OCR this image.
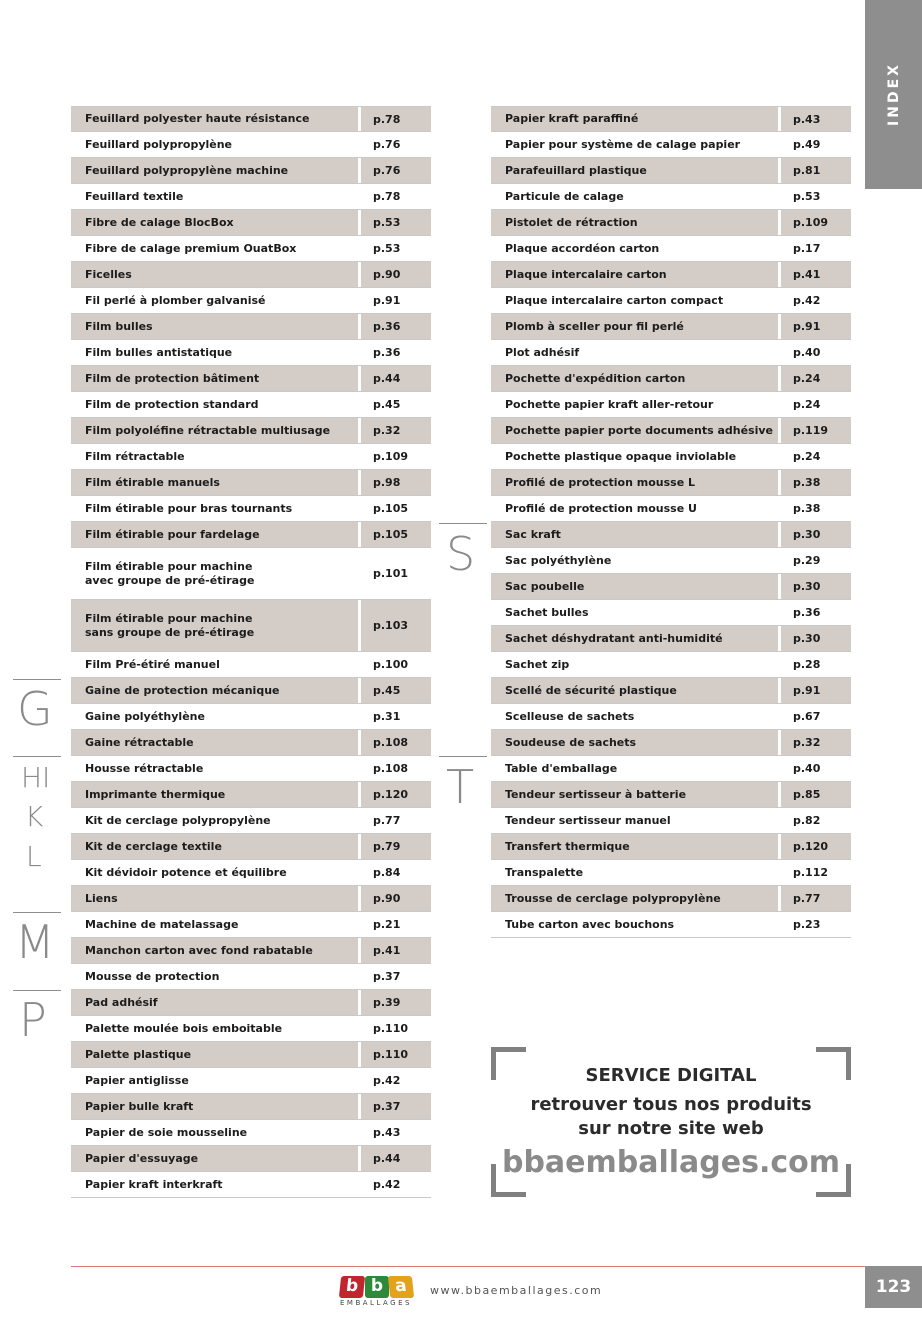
INDEX
Feuillard polyester haute résistance	p.78
Feuillard polypropylène	p.76
Feuillard polypropylène machine	p.76
Feuillard textile	p.78
Fibre de calage BlocBox	p.53
Fibre de calage premium OuatBox	p.53
Ficelles	p.90
Fil perlé à plomber galvanisé	p.91
Film bulles	p.36
Film bulles antistatique	p.36
Film de protection bâtiment	p.44
Film de protection standard	p.45
Film polyoléfine rétractable multiusage	p.32
Film rétractable	p.109
Film étirable manuels	p.98
Film étirable pour bras tournants	p.105
Film étirable pour fardelage	p.105
Film étirable pour machine
avec groupe de pré-étirage	p.101
Film étirable pour machine
sans groupe de pré-étirage	p.103
Film Pré-étiré manuel	p.100
Gaine de protection mécanique	p.45
Gaine polyéthylène	p.31
Gaine rétractable	p.108
Housse rétractable	p.108
Imprimante thermique	p.120
Kit de cerclage polypropylène	p.77
Kit de cerclage textile	p.79
Kit dévidoir potence et équilibre	p.84
Liens	p.90
Machine de matelassage	p.21
Manchon carton avec fond rabatable	p.41
Mousse de protection	p.37
Pad adhésif	p.39
Palette moulée bois emboitable	p.110
Palette plastique	p.110
Papier antiglisse	p.42
Papier bulle kraft	p.37
Papier de soie mousseline	p.43
Papier d'essuyage	p.44
Papier kraft interkraft	p.42
Papier kraft paraffiné	p.43
Papier pour système de calage papier	p.49
Parafeuillard plastique	p.81
Particule de calage	p.53
Pistolet de rétraction	p.109
Plaque accordéon carton	p.17
Plaque intercalaire carton	p.41
Plaque intercalaire carton compact	p.42
Plomb à sceller pour fil perlé	p.91
Plot adhésif	p.40
Pochette d'expédition carton	p.24
Pochette papier kraft aller-retour	p.24
Pochette papier porte documents adhésive	p.119
Pochette plastique opaque inviolable	p.24
Profilé de protection mousse L	p.38
Profilé de protection mousse U	p.38
Sac kraft	p.30
Sac polyéthylène	p.29
Sac poubelle	p.30
Sachet bulles	p.36
Sachet déshydratant anti-humidité	p.30
Sachet zip	p.28
Scellé de sécurité plastique	p.91
Scelleuse de sachets	p.67
Soudeuse de sachets	p.32
Table d'emballage	p.40
Tendeur sertisseur à batterie	p.85
Tendeur sertisseur manuel	p.82
Transfert thermique	p.120
Transpalette	p.112
Trousse de cerclage polypropylène	p.77
Tube carton avec bouchons	p.23
G
HI
K
L
M
P
S
T
SERVICE DIGITAL
retrouver tous nos produits
sur notre site web
bbaemballages.com
b b a
EMBALLAGES
www.bbaemballages.com	123
